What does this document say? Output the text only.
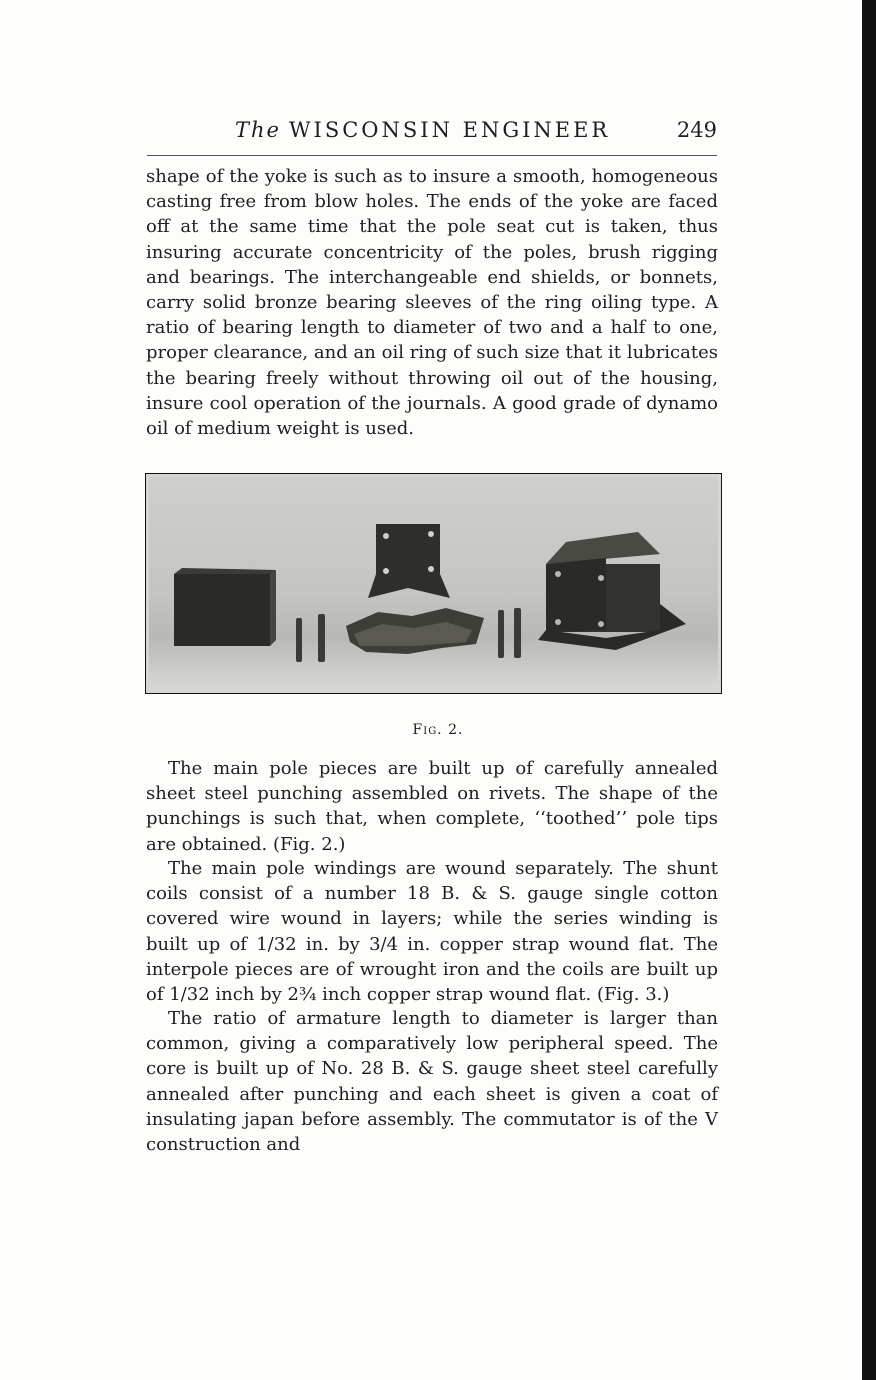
The WISCONSIN ENGINEER	249

shape of the yoke is such as to insure a smooth, homogeneous casting free from blow holes. The ends of the yoke are faced off at the same time that the pole seat cut is taken, thus insuring accurate concentricity of the poles, brush rigging and bearings. The interchangeable end shields, or bonnets, carry solid bronze bearing sleeves of the ring oiling type. A ratio of bearing length to diameter of two and a half to one, proper clearance, and an oil ring of such size that it lubricates the bearing freely without throwing oil out of the housing, insure cool operation of the journals. A good grade of dynamo oil of medium weight is used.

Fig. 2.

The main pole pieces are built up of carefully annealed sheet steel punching assembled on rivets. The shape of the punchings is such that, when complete, ‘‘toothed’’ pole tips are obtained. (Fig. 2.)

The main pole windings are wound separately. The shunt coils consist of a number 18 B. & S. gauge single cotton covered wire wound in layers; while the series winding is built up of 1/32 in. by 3/4 in. copper strap wound flat. The interpole pieces are of wrought iron and the coils are built up of 1/32 inch by 2¾ inch copper strap wound flat. (Fig. 3.)

The ratio of armature length to diameter is larger than common, giving a comparatively low peripheral speed. The core is built up of No. 28 B. & S. gauge sheet steel carefully annealed after punching and each sheet is given a coat of insulating japan before assembly. The commutator is of the V construction and
